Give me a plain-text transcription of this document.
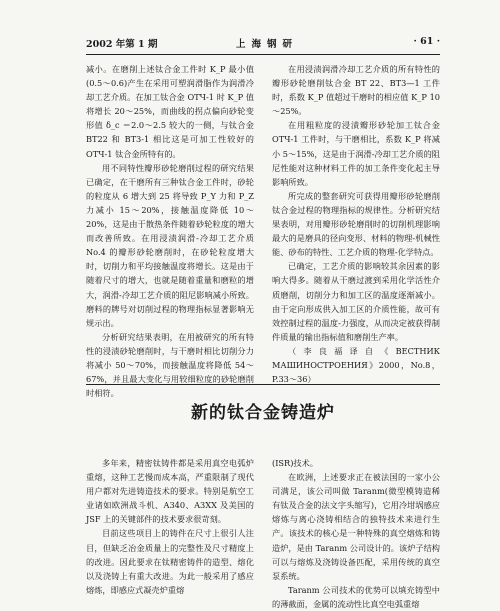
2002 年第 1 期	上海钢研	· 61 ·

减小。在磨削上述钛合金工件时 K_P 最小值(0.5～0.6)产生在采用可塑润滑脂作为润滑冷却工艺介质。在加工钛合金 OTЧ-1 时 K_P 值将增长 20～25%，而曲线的拐点偏向砂轮变形值 δ_c ＝2.0～2.5 较大的一侧，与钛合金 BT22 和 BT3-1 相比这是可加工性较好的 OTЧ-1 钛合金所特有的。

用不同特性瓣形砂轮磨削过程的研究结果已确定，在干磨所有三种钛合金工件时，砂轮的粒度从 6 增大到 25 将导致 P_Y 力和 P_Z 力减小 15～20%，接触温度降低 10～20%，这是由于散热条件随着砂轮粒度的增大而改善所致。在用浸渍润滑-冷却工艺介质 No.4 的瓣形砂轮磨削时，在砂轮粒度增大时，切削力和平均接触温度将增长。这是由于随着尺寸的增大，也就是随着重量和磨粒的增大，润滑-冷却工艺介质的阻尼影响减小所致。磨料的牌号对切削过程的物理指标显著影响无规示出。

分析研究结果表明，在用被研究的所有特性的浸渍砂轮磨削时，与干磨时相比切削分力将减小 50～70%，而接触温度将降低 54～67%，并且最大变化与用较细粒度的砂轮磨削时相符。

在用浸渍润滑冷却工艺介质的所有特性的瓣形砂轮磨削钛合金 BT 22、BT3—1 工件时，系数 K_P 值超过干磨时的相应值 K_P 10～25%。

在用粗粒度的浸渍瓣形砂轮加工钛合金 OTЧ-1 工件时，与干磨相比，系数 K_P 将减小 5～15%，这是由于润滑-冷却工艺介质的阻尼性能对这种材料工件的加工条件变化起主导影响所致。

所完成的整套研究可获得用瓣形砂轮磨削钛合金过程的物理指标的规律性。分析研究结果表明，对用瓣形砂轮磨削时的切削机理影响最大的是磨具的径向变形、材料的物理-机械性能、砂布的特性、工艺介质的物理-化学特点。

已确定，工艺介质的影响较其余因素的影响大得多。随着从干磨过渡到采用化学活性介质磨削，切削分力和加工区的温度逐渐减小。由于定向形成供入加工区的介质性能，故可有效控制过程的温度-力强度，从而决定被获得制件质量的输出指标值和磨削生产率。

（李良福译自《ВЕСТНИК МАШИНОСТРОЕНИЯ》2000，No.8，P.33～36）

新的钛合金铸造炉

多年来，精密钛铸件都是采用真空电弧炉重熔，这种工艺慢而成本高，严重限制了现代用户都对先进铸造技术的要求。特别是航空工业诸如欧洲战斗机、A340、A3XX 及美国的 JSF 上的关键部件的技术要求很苛刻。

目前这些项目上的铸件在尺寸上很引人注目，但缺乏冶金质量上的完整性及尺寸精度上的改进。因此要求在钛精密铸件的造型、熔化以及浇铸上有重大改进。为此一般采用了感应熔炼，即感应式凝壳炉重熔

(ISR)技术。

在欧洲，上述要求正在被法国的一家小公司满足，该公司叫做 Taranm(微型模铸造稀有钛及合金的法文字头缩写)，它用冷坩埚感应熔炼与离心浇铸相结合的独特技术来进行生产。该技术的核心是一种特殊的真空熔炼和铸造炉，是由 Taranm 公司设计的。该炉子结构可以与熔炼及浇铸设备匹配，采用传统的真空泵系统。

Taranm 公司技术的优势可以填充铸型中的薄截面，金属的流动性比真空电弧重熔
